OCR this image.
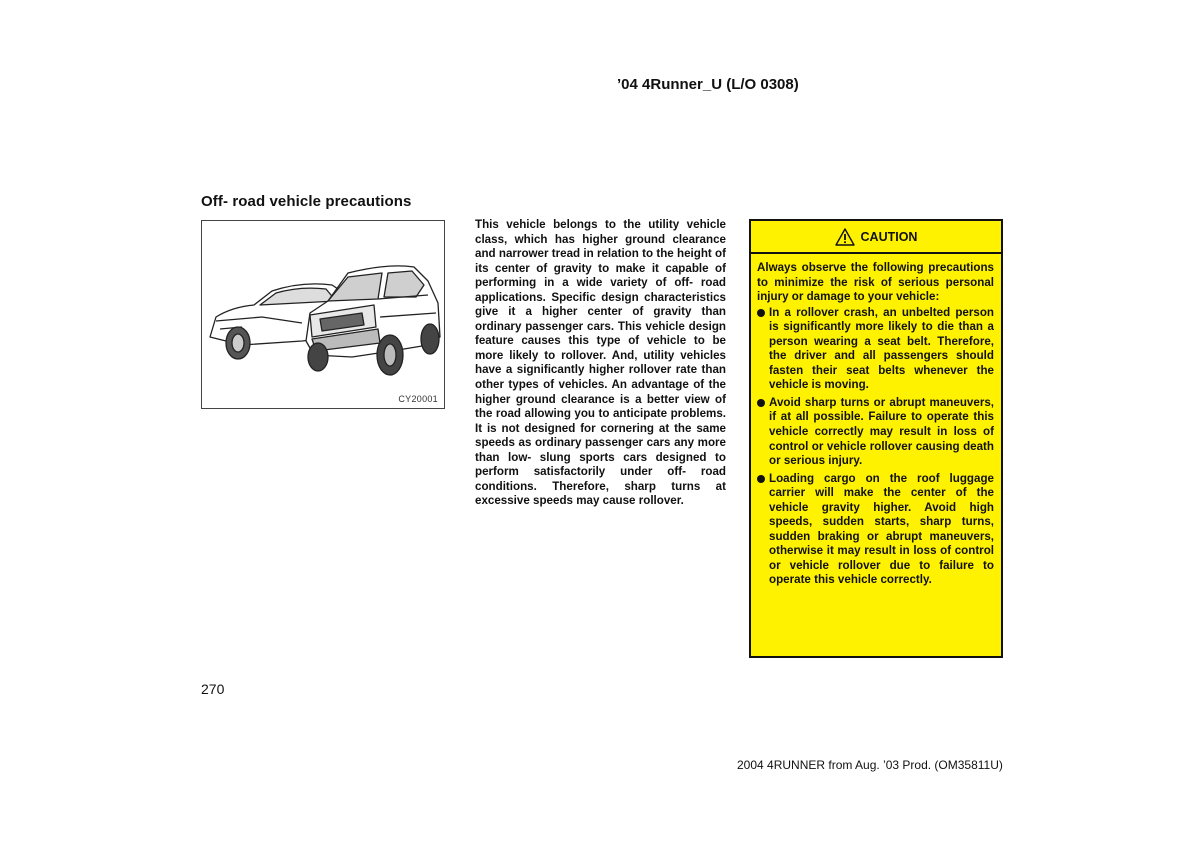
’04 4Runner_U (L/O 0308)
Off- road vehicle precautions
CY20001

This vehicle belongs to the utility vehicle class, which has higher ground clearance and narrower tread in relation to the height of its center of gravity to make it capable of performing in a wide variety of off- road applications. Specific design characteristics give it a higher center of gravity than ordinary passenger cars. This vehicle design feature causes this type of vehicle to be more likely to rollover. And, utility vehicles have a significantly higher rollover rate than other types of vehicles. An advantage of the higher ground clearance is a better view of the road allowing you to anticipate problems. It is not designed for cornering at the same speeds as ordinary passenger cars any more than low- slung sports cars designed to perform satisfactorily under off- road conditions. Therefore, sharp turns at excessive speeds may cause rollover.

CAUTION

Always observe the following precautions to minimize the risk of serious personal injury or damage to your vehicle:

In a rollover crash, an unbelted person is significantly more likely to die than a person wearing a seat belt. Therefore, the driver and all passengers should fasten their seat belts whenever the vehicle is moving.
Avoid sharp turns or abrupt maneuvers, if at all possible. Failure to operate this vehicle correctly may result in loss of control or vehicle rollover causing death or serious injury.
Loading cargo on the roof luggage carrier will make the center of the vehicle gravity higher. Avoid high speeds, sudden starts, sharp turns, sudden braking or abrupt maneuvers, otherwise it may result in loss of control or vehicle rollover due to failure to operate this vehicle correctly.
270
2004 4RUNNER from Aug. ’03 Prod. (OM35811U)
